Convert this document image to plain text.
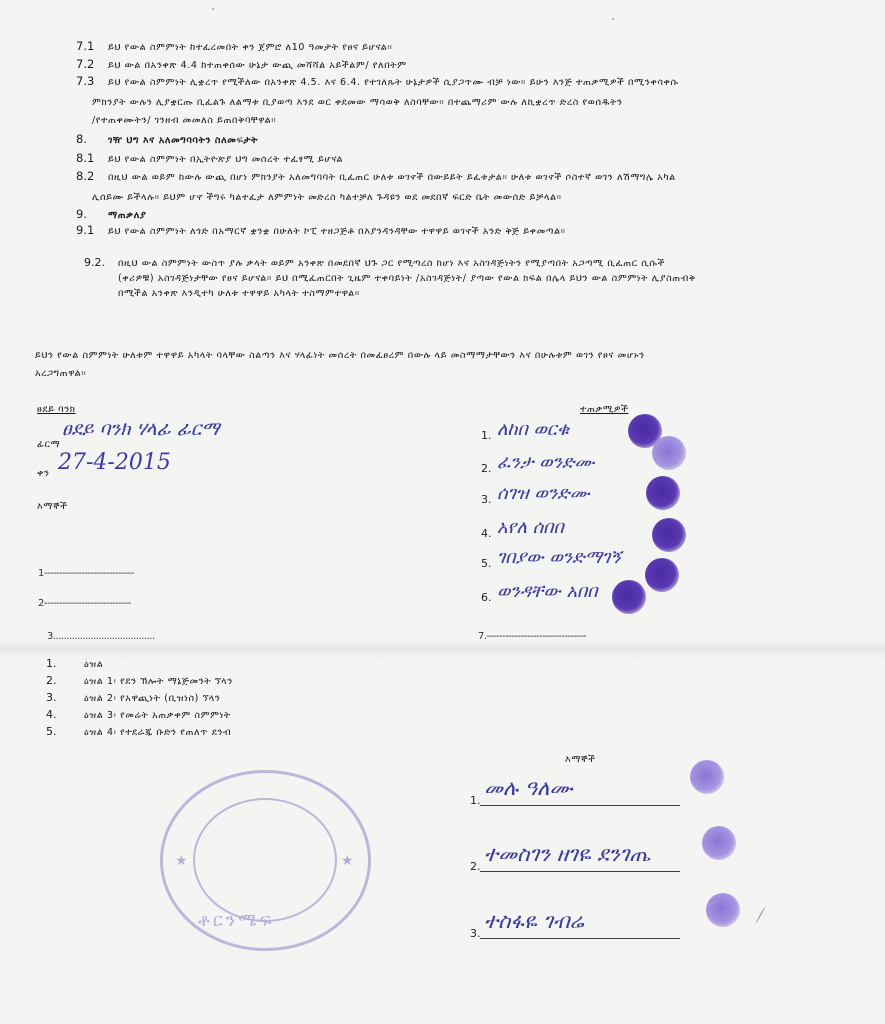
7.1 ይህ የውል ስምምነት ከተፈረመበት ቀን ጀምሮ ለ10 ዓመታት የፀና ይሆናል።
7.2 ይህ ውል በአንቀጽ 4.4 ከተጠቀሰው ሁኔታ ውጪ መሻሻል አይችልም/ የለበትም
7.3 ይህ የውል ስምምነት ሊቋረጥ የሚችለው በአንቀጽ 4.5. እና 6.4. የተገለጹት ሁኔታዎች ሲያጋጥሙ ብቻ ነው። ይሁን እንጅ ተጠቃሚዎች በሚንቀሳቀሱ
ምክንያት ውሉን ሊያቋርጡ ቢፈልጉ ለልማቱ ቢያወጣ እንደ ወር ቀደመው ማሳወቅ ለስባቸው። በተጨማሪም ውሉ ለኪቋረጥ ድረስ የወሰዱትን
/የተጠቀሙትን/ ገንዘብ መመለስ ይጠበቅባቸዋል።
8. ገዥ ህግ እና አለመግባባትን ስለመፍታት
8.1 ይህ የውል ስምምነት በኢትዮጵያ ህግ መሰረት ተፈፃሚ ይሆናል
8.2 በዚህ ውል ወይም ከውሉ ውጪ በሆነ ምክንያት አለመግባባት ቢፈጠር ሁለቱ ወገኖች በውይይት ይፈቱታል። ሁለቱ ወገኖች ሶስተኛ ወገን ለሽማግሌ አካል
ሊሰይሙ ይችላሉ። ይህም ሆኖ ችግሩ ካልተፈታ ለምምነት መድረስ ካልተቻለ ጉዳዩን ወደ መደበኛ ፍርድ ቤት መውሰድ ይቻላል።
9. ማጠቃለያ
9.1 ይህ የውል ስምምነት ለጎድ በአማርኛ ቋንቋ በሁለት ኮፒ ተዘጋጅቶ በእያንዳንዳቸው ተዋዋይ ወገኖች አንድ ቅጅ ይቀመጣል።
9.2. በዚህ ውል ስምምነት ውስጥ ያሉ ቃላት ወይም አንቀጽ በመደበኛ ህጉ ጋር የሚጣረስ ከሆነ እና አስገዳጅነትን የሚያጣበት አጋጣሚ ቢፈጠር ሲሱች
(ቀሪዎቹ) አስገዳጅነታቸው የፀና ይሆናል። ይህ በሚፈጠርበት ጊዜም ተቀባይነት /አስገዳጅነት/ ያጣው የውል ክፍል በሌላ ይህን ውል ስምምነት ሊያስጠብቅ
በሚችል አንቀጽ እንዲተካ ሁለቱ ተዋዋይ አካላት ተስማምተዋል።
ይህን የውል ስምምነት ሁለቱም ተዋዋይ አካላት ባላቸው ስልጣን እና ሃላፊነት መሰረት በመፈፀረም በውሉ ላይ መስማማታቸውን እና በሁሉቱም ወገን የፀና መሆኑን
አረጋግጠዋል።
ፀደይ ባንክ
ፊርማ
ፀደይ ባንክ ሃላፊ ፊርማ
ቀን 27-4-2015
እማኞች
1-----------------------------
2----------------------------
3......................................
ተጠቃሚዎች
1. ለከበ ወርቁ
2. ፈንታ ወንድሙ
3. ሰገዝ ወንድሙ
4. አየለ ሰበበ
5. ገበያው ወንድማገኝ
6. ወንዳቸው አበበ
7.--------------------------------
1.	ዕዝል
2.	ዕዝል 1፡ የደን ኽሎት ማኔጅመንት ኘላን
3.	ዕዝል 2፡ የአዋጪነት (ቢዝነስ) ኘላን
4.	ዕዝል 3፡ የመሬት አጠቃቀም ስምምነት
5.	ዕዝል 4፡ የተደራጁ ቡድን የጠለጥ ደንብ
ቶርንሜፍ
★
★
እማኞች
1.
መሉ ዓለሙ
2.
ተመስገን ዘገዬ ደንገጤ
3.
ተስፋዬ ገብሬ
